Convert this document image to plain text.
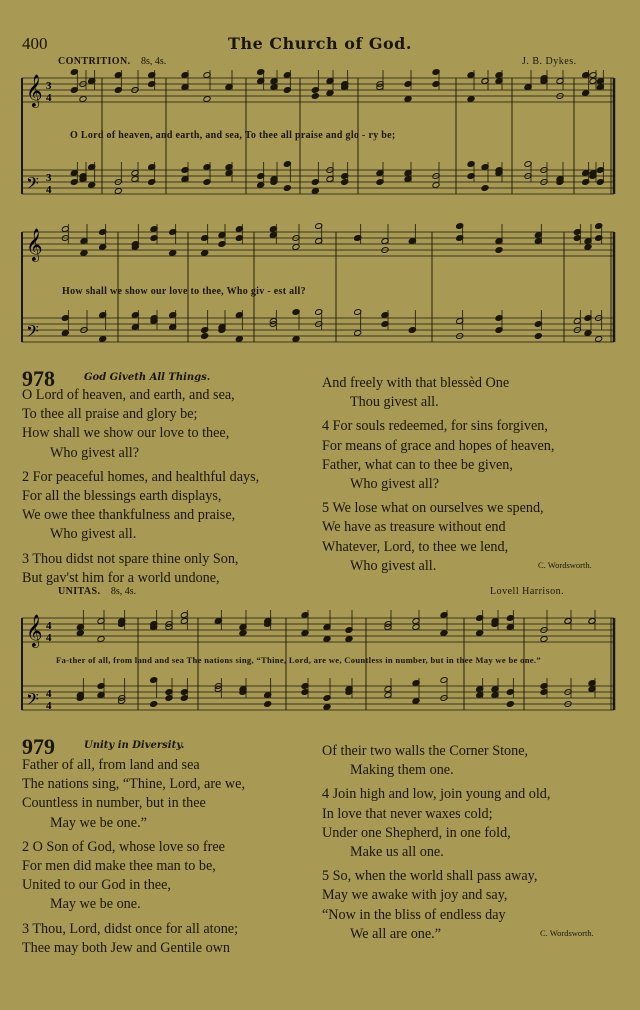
400	The Church of God.
CONTRITION. 8s, 4s.	J. B. Dykes.
𝄞 3
4
𝄢 3
4
O Lord of heaven, and earth, and sea, To thee all praise and glo - ry be;
𝄞
𝄢
How shall we show our love to thee, Who giv - est all?
978	God Giveth All Things.
O Lord of heaven, and earth, and sea,
To thee all praise and glory be;
How shall we show our love to thee,
Who givest all?

2 For peaceful homes, and healthful days,
For all the blessings earth displays,
We owe thee thankfulness and praise,
Who givest all.

3 Thou didst not spare thine only Son,
But gav'st him for a world undone,
And freely with that blessèd One
Thou givest all.

4 For souls redeemed, for sins forgiven,
For means of grace and hopes of heaven,
Father, what can to thee be given,
Who givest all?

5 We lose what on ourselves we spend,
We have as treasure without end
Whatever, Lord, to thee we lend,
Who givest all.	C. Wordsworth.
UNITAS. 8s, 4s.	Lovell Harrison.
𝄞 4
4
𝄢 4
4
Fa-ther of all, from land and sea The nations sing, “Thine, Lord, are we, Countless in number, but in thee May we be one.”
979	Unity in Diversity.
Father of all, from land and sea
The nations sing, “Thine, Lord, are we,
Countless in number, but in thee
May we be one.”

2 O Son of God, whose love so free
For men did make thee man to be,
United to our God in thee,
May we be one.

3 Thou, Lord, didst once for all atone;
Thee may both Jew and Gentile own
Of their two walls the Corner Stone,
Making them one.

4 Join high and low, join young and old,
In love that never waxes cold;
Under one Shepherd, in one fold,
Make us all one.

5 So, when the world shall pass away,
May we awake with joy and say,
“Now in the bliss of endless day
We all are one.”	C. Wordsworth.
